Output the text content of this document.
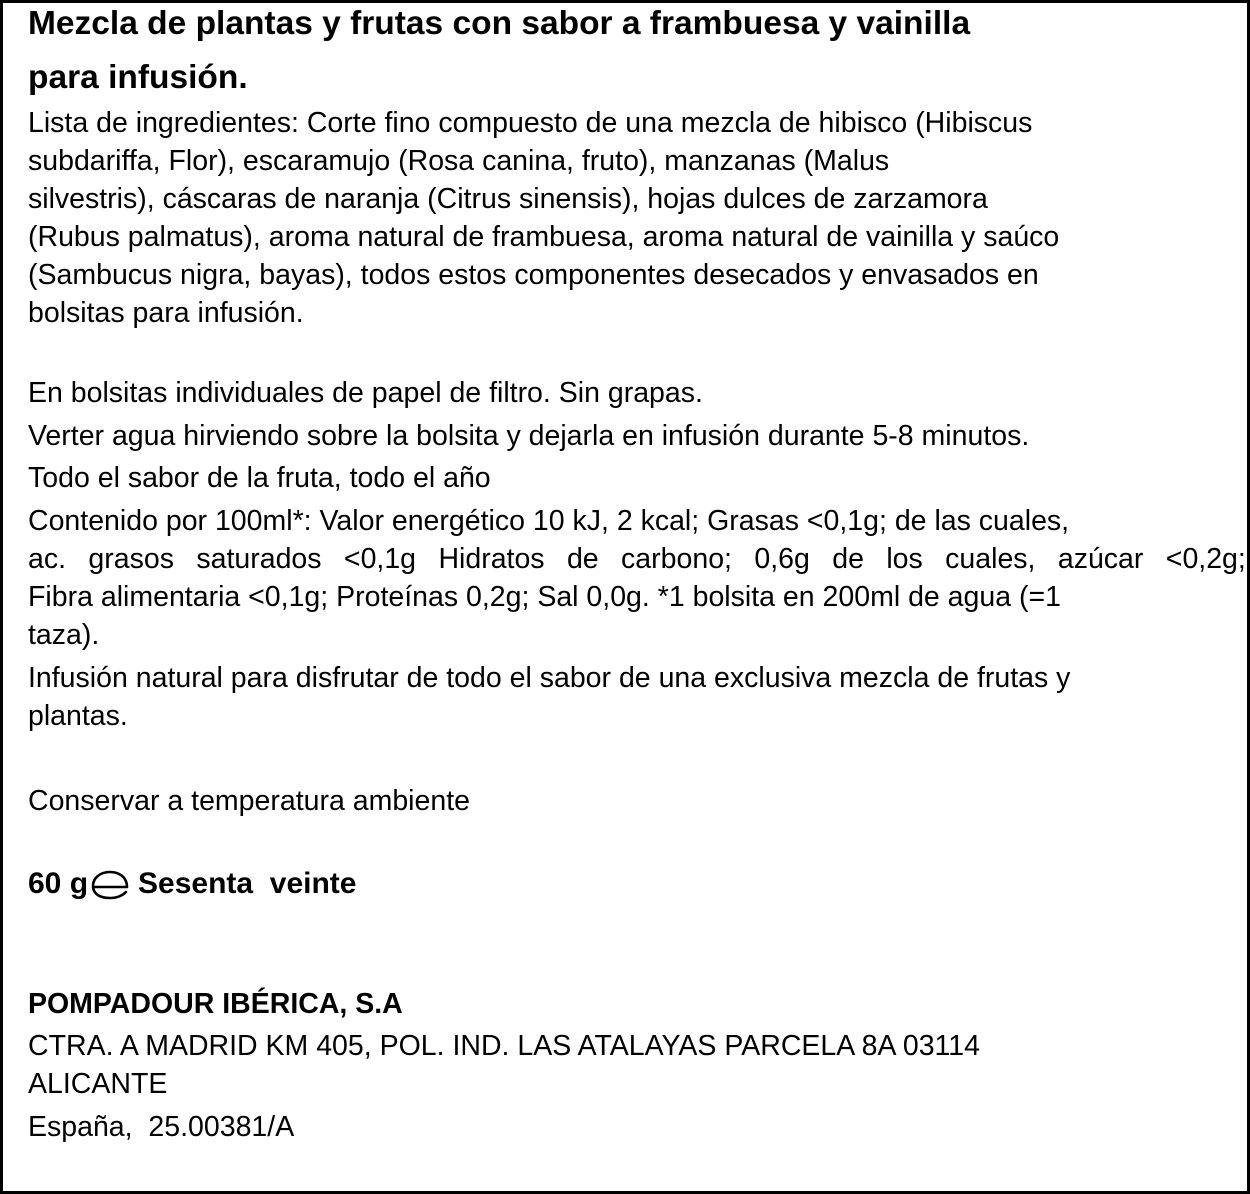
Mezcla de plantas y frutas con sabor a frambuesa y vainilla
para infusión.
Lista de ingredientes: Corte fino compuesto de una mezcla de hibisco (Hibiscus
subdariffa, Flor), escaramujo (Rosa canina, fruto), manzanas (Malus
silvestris), cáscaras de naranja (Citrus sinensis), hojas dulces de zarzamora
(Rubus palmatus), aroma natural de frambuesa, aroma natural de vainilla y saúco
(Sambucus nigra, bayas), todos estos componentes desecados y envasados en
bolsitas para infusión.
En bolsitas individuales de papel de filtro. Sin grapas.
Verter agua hirviendo sobre la bolsita y dejarla en infusión durante 5-8 minutos.
Todo el sabor de la fruta, todo el año
Contenido por 100ml*: Valor energético 10 kJ, 2 kcal; Grasas <0,1g; de las cuales,
ac. grasos saturados <0,1g Hidratos de carbono; 0,6g de los cuales, azúcar <0,2g;
Fibra alimentaria <0,1g; Proteínas 0,2g; Sal 0,0g. *1 bolsita en 200ml de agua (=1
taza).
Infusión natural para disfrutar de todo el sabor de una exclusiva mezcla de frutas y
plantas.
Conservar a temperatura ambiente
60 g Sesenta  veinte
POMPADOUR IBÉRICA, S.A
CTRA. A MADRID KM 405, POL. IND. LAS ATALAYAS PARCELA 8A 03114
ALICANTE
España,  25.00381/A
